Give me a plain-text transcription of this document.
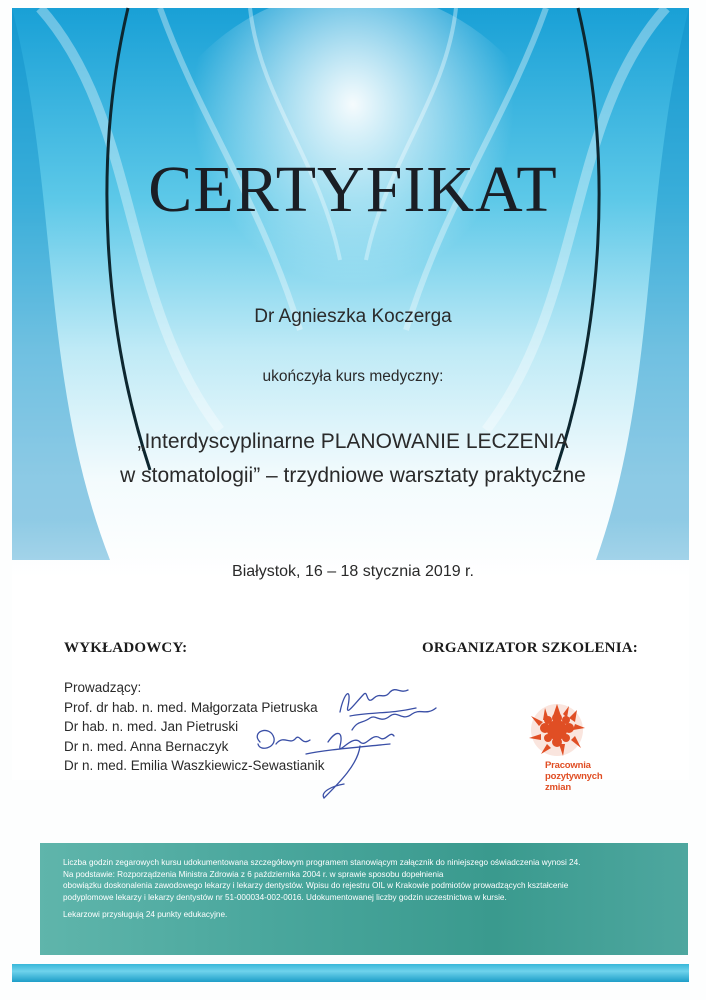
CERTYFIKAT
Dr Agnieszka Koczerga
ukończyła kurs medyczny:
„Interdyscyplinarne PLANOWANIE LECZENIA
w stomatologii” – trzydniowe warsztaty praktyczne
Białystok, 16 – 18 stycznia 2019 r.
WYKŁADOWCY:	ORGANIZATOR SZKOLENIA:
Prowadzący:
Prof. dr hab. n. med. Małgorzata Pietruska
Dr hab. n. med. Jan Pietruski
Dr n. med. Anna Bernaczyk
Dr n. med. Emilia Waszkiewicz-Sewastianik	Pracownia
pozytywnych
zmian

Liczba godzin zegarowych kursu udokumentowana szczegółowym programem stanowiącym załącznik do niniejszego oświadczenia wynosi 24.

Na podstawie: Rozporządzenia Ministra Zdrowia z 6 października 2004 r. w sprawie sposobu dopełnienia

obowiązku doskonalenia zawodowego lekarzy i lekarzy dentystów. Wpisu do rejestru OIL w Krakowie podmiotów prowadzących kształcenie

podyplomowe lekarzy i lekarzy dentystów nr 51-000034-002-0016. Udokumentowanej liczby godzin uczestnictwa w kursie.

Lekarzowi przysługują 24 punkty edukacyjne.
